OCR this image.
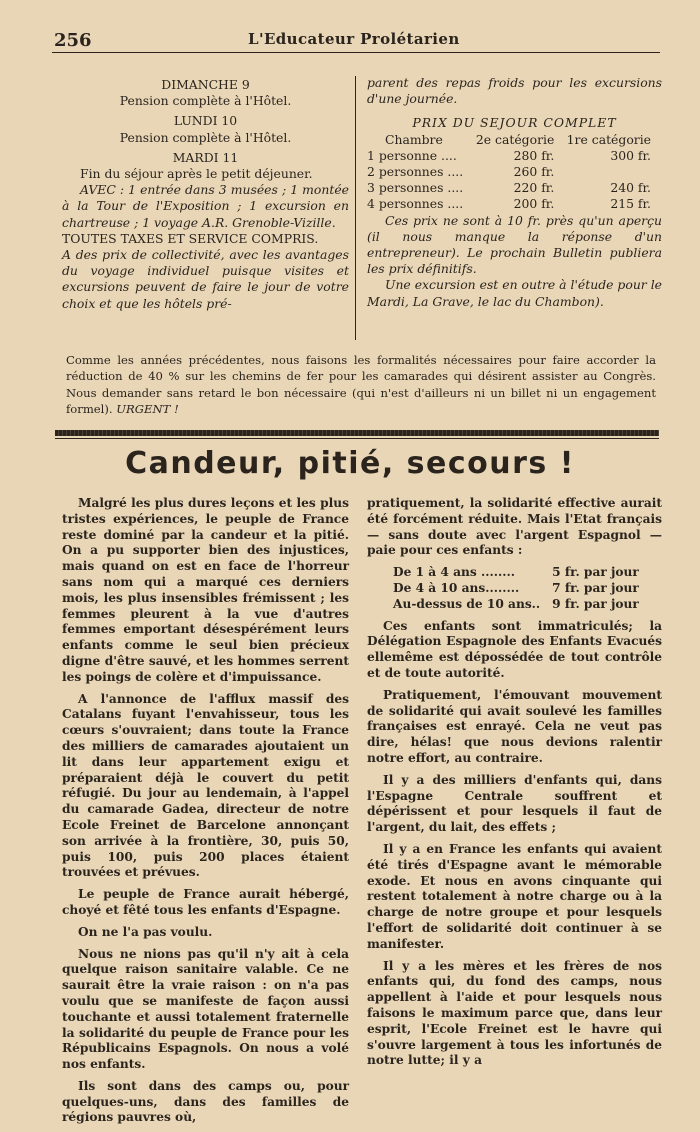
256	L'Educateur Prolétarien
DIMANCHE 9
Pension complète à l'Hôtel.
LUNDI 10
Pension complète à l'Hôtel.
MARDI 11
Fin du séjour après le petit déjeuner.
AVEC : 1 entrée dans 3 musées ; 1 montée à la Tour de l'Exposition ; 1 excursion en chartreuse ; 1 voyage A.R. Grenoble-Vizille.
TOUTES TAXES ET SERVICE COMPRIS.
A des prix de collectivité, avec les avantages du voyage individuel puisque visites et excursions peuvent de faire le jour de votre choix et que les hôtels pré-
parent des repas froids pour les excursions d'une journée.
PRIX DU SEJOUR COMPLET
Chambre	2e catégorie	1re catégorie
1 personne ....	280 fr.	300 fr.
2 personnes ....	260 fr.	
3 personnes ....	220 fr.	240 fr.
4 personnes ....	200 fr.	215 fr.
Ces prix ne sont à 10 fr. près qu'un aperçu (il nous manque la réponse d'un entrepreneur). Le prochain Bulletin publiera les prix définitifs.
Une excursion est en outre à l'étude pour le Mardi, La Grave, le lac du Chambon).
Comme les années précédentes, nous faisons les formalités nécessaires pour faire accorder la réduction de 40 % sur les chemins de fer pour les camarades qui désirent assister au Congrès. Nous demander sans retard le bon nécessaire (qui n'est d'ailleurs ni un billet ni un engagement formel). URGENT !
Candeur, pitié, secours !

Malgré les plus dures leçons et les plus tristes expériences, le peuple de France reste dominé par la candeur et la pitié. On a pu supporter bien des injustices, mais quand on est en face de l'horreur sans nom qui a marqué ces derniers mois, les plus insensibles frémissent ; les femmes pleurent à la vue d'autres femmes emportant désespérément leurs enfants comme le seul bien précieux digne d'être sauvé, et les hommes serrent les poings de colère et d'impuissance.

A l'annonce de l'afflux massif des Catalans fuyant l'envahisseur, tous les cœurs s'ouvraient; dans toute la France des milliers de camarades ajoutaient un lit dans leur appartement exigu et préparaient déjà le couvert du petit réfugié. Du jour au lendemain, à l'appel du camarade Gadea, directeur de notre Ecole Freinet de Barcelone annonçant son arrivée à la frontière, 30, puis 50, puis 100, puis 200 places étaient trouvées et prévues.

Le peuple de France aurait hébergé, choyé et fêté tous les enfants d'Espagne.

On ne l'a pas voulu.

Nous ne nions pas qu'il n'y ait à cela quelque raison sanitaire valable. Ce ne saurait être la vraie raison : on n'a pas voulu que se manifeste de façon aussi touchante et aussi totalement fraternelle la solidarité du peuple de France pour les Républicains Espagnols. On nous a volé nos enfants.

Ils sont dans des camps ou, pour quelques-uns, dans des familles de régions pauvres où,

pratiquement, la solidarité effective aurait été forcément réduite. Mais l'Etat français — sans doute avec l'argent Espagnol — paie pour ces enfants :

De 1 à 4 ans ........	5 fr. par jour
De 4 à 10 ans........	7 fr. par jour
Au-dessus de 10 ans..	9 fr. par jour

Ces enfants sont immatriculés; la Délégation Espagnole des Enfants Evacués ellemême est dépossédée de tout contrôle et de toute autorité.

Pratiquement, l'émouvant mouvement de solidarité qui avait soulevé les familles françaises est enrayé. Cela ne veut pas dire, hélas! que nous devions ralentir notre effort, au contraire.

Il y a des milliers d'enfants qui, dans l'Espagne Centrale souffrent et dépérissent et pour lesquels il faut de l'argent, du lait, des effets ;

Il y a en France les enfants qui avaient été tirés d'Espagne avant le mémorable exode. Et nous en avons cinquante qui restent totalement à notre charge ou à la charge de notre groupe et pour lesquels l'effort de solidarité doit continuer à se manifester.

Il y a les mères et les frères de nos enfants qui, du fond des camps, nous appellent à l'aide et pour lesquels nous faisons le maximum parce que, dans leur esprit, l'Ecole Freinet est le havre qui s'ouvre largement à tous les infortunés de notre lutte; il y a
